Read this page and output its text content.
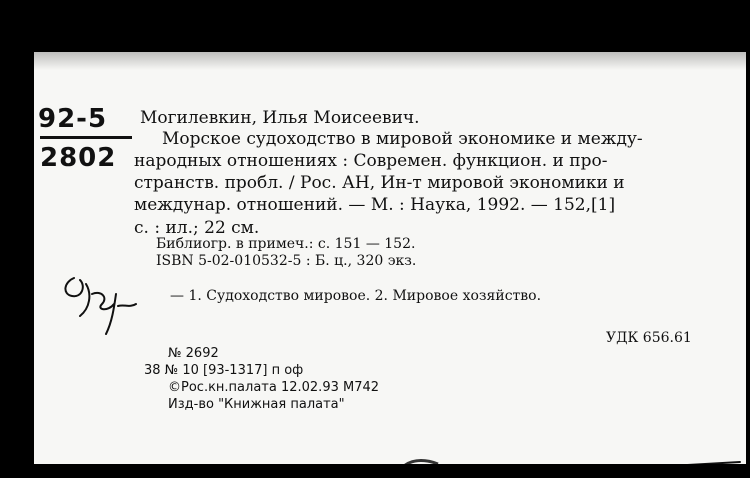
92-5
2802
Могилевкин, Илья Моисеевич.
Морское судоходство в мировой экономике и между-
народных отношениях : Современ. функцион. и про-
странств. пробл. / Рос. АН, Ин-т мировой экономики и
междунар. отношений. — М. : Наука, 1992. — 152,[1]
с. : ил.; 22 см.
Библиогр. в примеч.: с. 151 — 152.
ISBN 5-02-010532-5 : Б. ц., 320 экз.
— 1. Судоходство мировое. 2. Мировое хозяйство.
УДК 656.61
№ 2692
38 № 10 [93-1317] п оф
©Рос.кн.палата 12.02.93 М742
Изд-во "Книжная палата"
